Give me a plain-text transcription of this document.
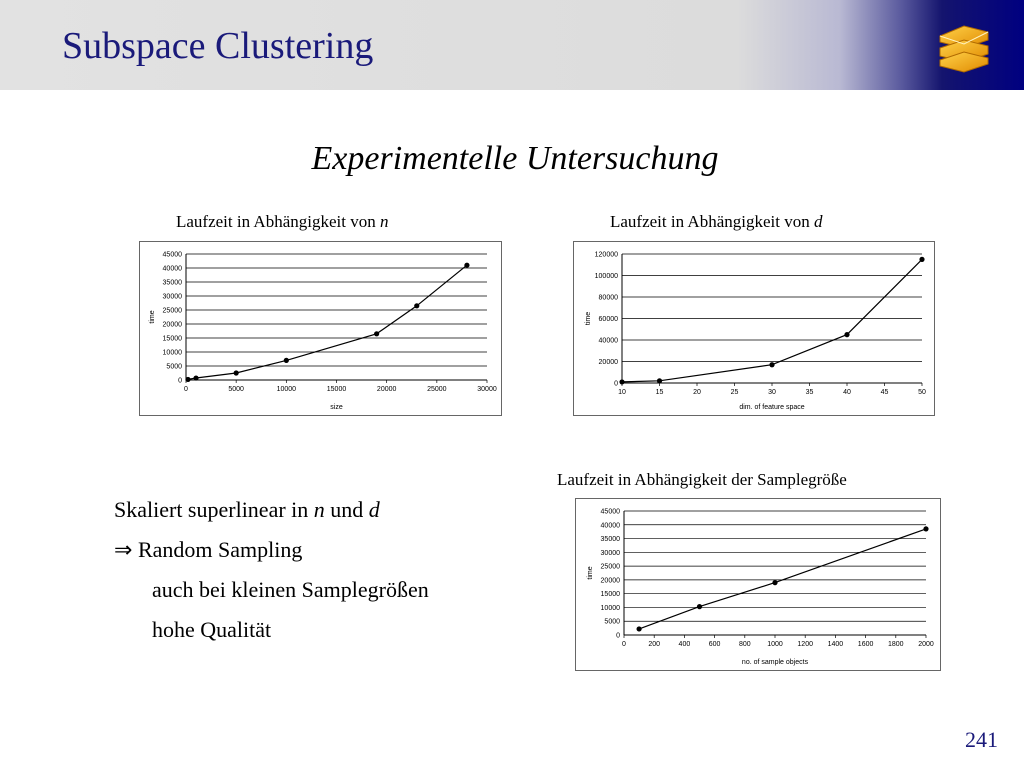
Subspace Clustering
Experimentelle Untersuchung
Laufzeit in Abhängigkeit von n
0
5000
10000
15000
20000
25000
30000
35000
40000
45000
0	5000	10000	15000	20000	25000	30000
size
time
Laufzeit in Abhängigkeit von d
0
20000
40000
60000
80000
100000
120000
10	15	20	25	30	35	40	45	50
dim. of feature space
time
Laufzeit in Abhängigkeit der Samplegröße
0
5000
10000
15000
20000
25000
30000
35000
40000
45000
0	200	400	600	800 1000 1200 1400 1600 1800 2000
no. of sample objects
time
Skaliert superlinear in n und d
⇒ Random Sampling
auch bei kleinen Samplegrößen
hohe Qualität
241
